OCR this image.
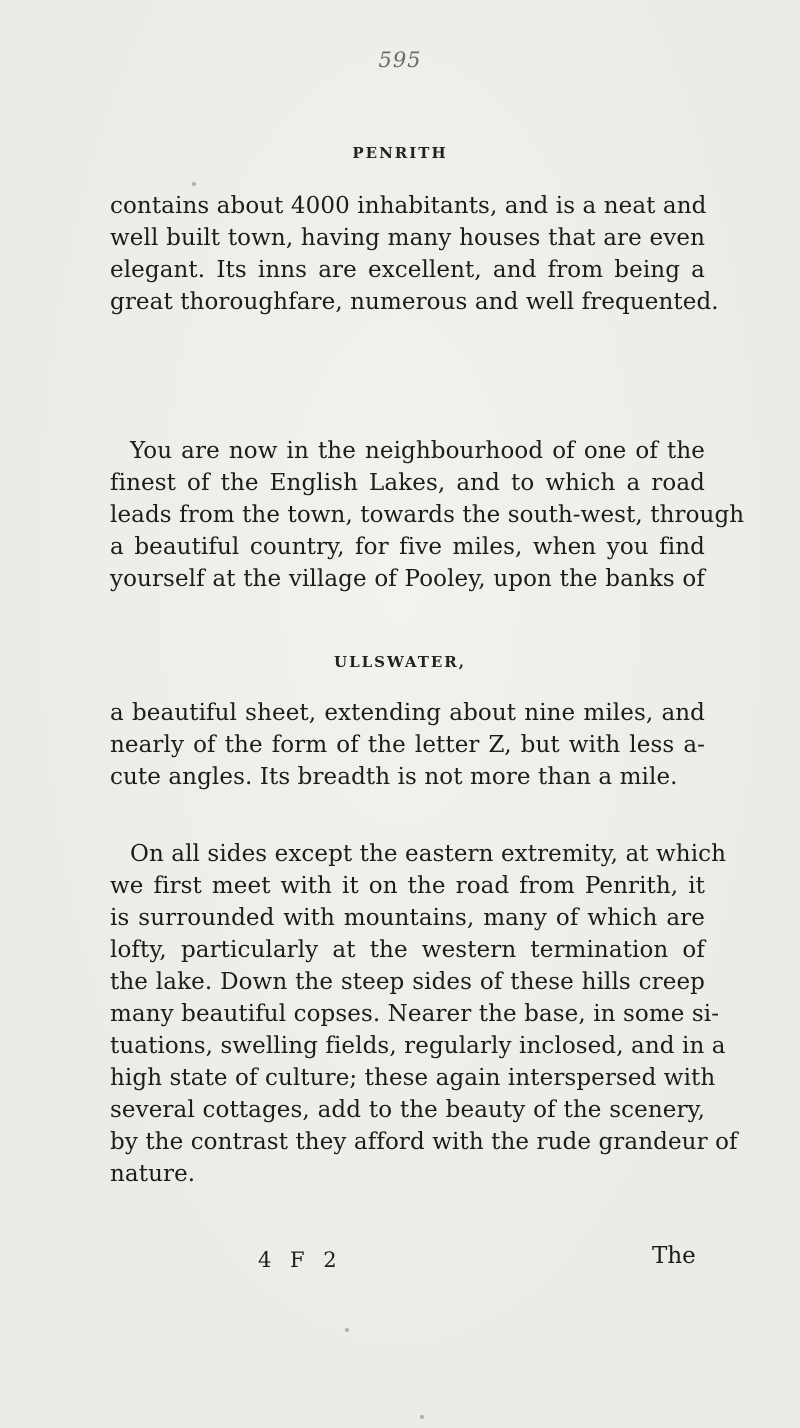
595
PENRITH

contains about 4000 inhabitants, and is a neat and
well built town, having many houses that are even
elegant. Its inns are excellent, and from being a
great thoroughfare, numerous and well frequented.

You are now in the neighbourhood of one of the
finest of the English Lakes, and to which a road
leads from the town, towards the south-west, through
a beautiful country, for five miles, when you find
yourself at the village of Pooley, upon the banks of

ULLSWATER,

a beautiful sheet, extending about nine miles, and
nearly of the form of the letter Z, but with less a-
cute angles. Its breadth is not more than a mile.

On all sides except the eastern extremity, at which
we first meet with it on the road from Penrith, it
is surrounded with mountains, many of which are
lofty, particularly at the western termination of
the lake. Down the steep sides of these hills creep
many beautiful copses. Nearer the base, in some si-
tuations, swelling fields, regularly inclosed, and in a
high state of culture; these again interspersed with
several cottages, add to the beauty of the scenery,
by the contrast they afford with the rude grandeur of
nature.

4 F 2	The
